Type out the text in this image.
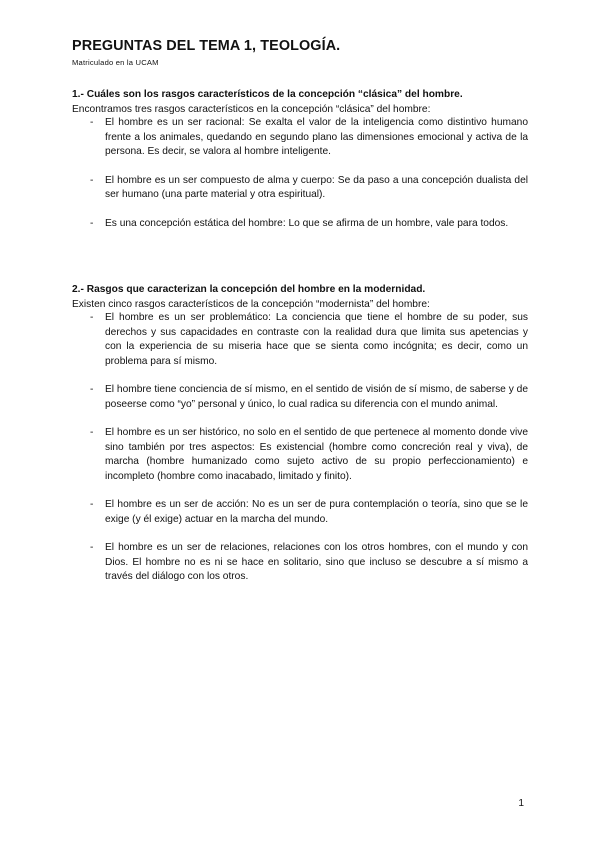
PREGUNTAS DEL TEMA 1, TEOLOGÍA.

Matriculado en la UCAM

1.- Cuáles son los rasgos característicos de la concepción “clásica” del hombre.

Encontramos tres rasgos característicos en la concepción “clásica” del hombre:

- El hombre es un ser racional: Se exalta el valor de la inteligencia como distintivo humano frente a los animales, quedando en segundo plano las dimensiones emocional y activa de la persona. Es decir, se valora al hombre inteligente.
- El hombre es un ser compuesto de alma y cuerpo: Se da paso a una concepción dualista del ser humano (una parte material y otra espiritual).
- Es una concepción estática del hombre: Lo que se afirma de un hombre, vale para todos.

2.- Rasgos que caracterizan la concepción del hombre en la modernidad.

Existen cinco rasgos característicos de la concepción “modernista” del hombre:

- El hombre es un ser problemático: La conciencia que tiene el hombre de su poder, sus derechos y sus capacidades en contraste con la realidad dura que limita sus apetencias y con la experiencia de su miseria hace que se sienta como incógnita; es decir, como un problema para sí mismo.
- El hombre tiene conciencia de sí mismo, en el sentido de visión de sí mismo, de saberse y de poseerse como “yo” personal y único, lo cual radica su diferencia con el mundo animal.
- El hombre es un ser histórico, no solo en el sentido de que pertenece al momento donde vive sino también por tres aspectos: Es existencial (hombre como concreción real y viva), de marcha (hombre humanizado como sujeto activo de su propio perfeccionamiento) e incompleto (hombre como inacabado, limitado y finito).
- El hombre es un ser de acción: No es un ser de pura contemplación o teoría, sino que se le exige (y él exige) actuar en la marcha del mundo.
- El hombre es un ser de relaciones, relaciones con los otros hombres, con el mundo y con Dios. El hombre no es ni se hace en solitario, sino que incluso se descubre a sí mismo a través del diálogo con los otros.
1
